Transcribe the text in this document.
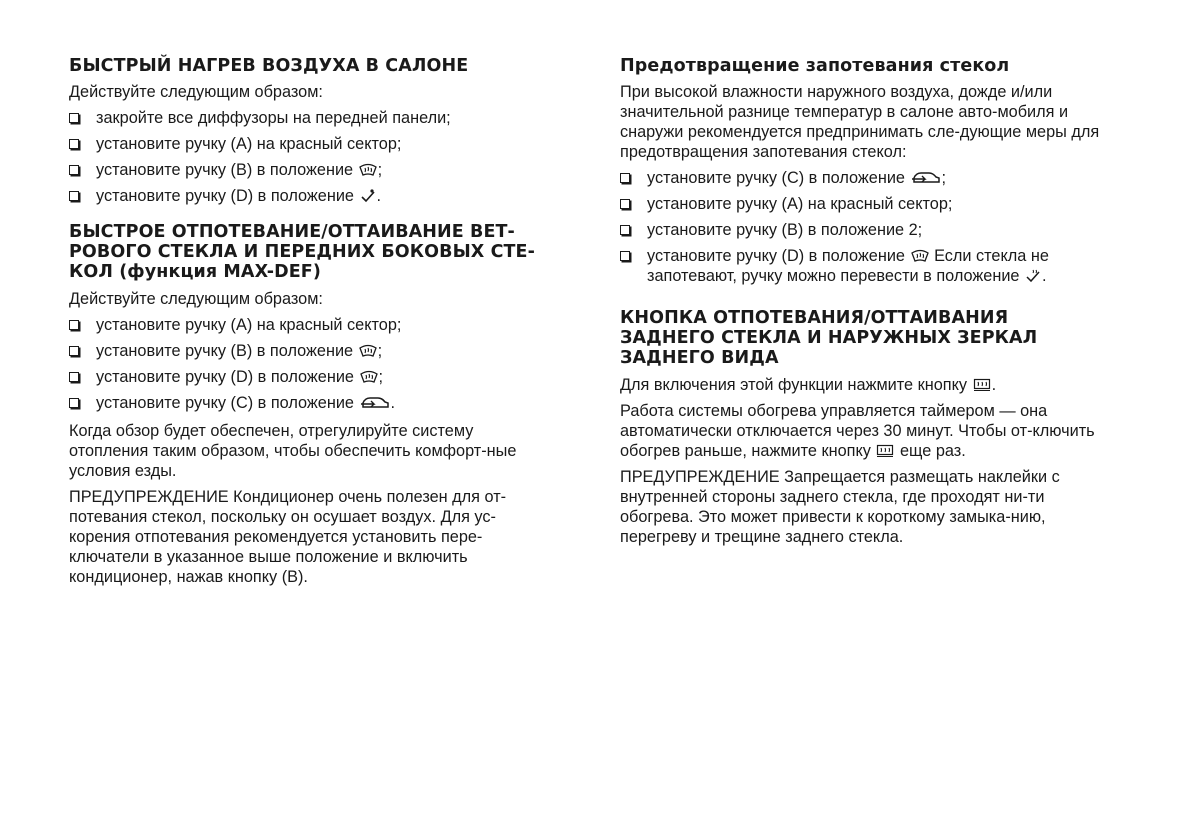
БЫСТРЫЙ НАГРЕВ ВОЗДУХА В САЛОНЕ

Действуйте следующим образом:

закройте все диффузоры на передней панели;
установите ручку (А) на красный сектор;
установите ручку (В) в положение ;
установите ручку (D) в положение .
БЫСТРОЕ ОТПОТЕВАНИЕ/ОТТАИВАНИЕ ВЕТ-
РОВОГО СТЕКЛА И ПЕРЕДНИХ БОКОВЫХ СТЕ-
КОЛ (функция MAX-DEF)

Действуйте следующим образом:

установите ручку (А) на красный сектор;
установите ручку (В) в положение ;
установите ручку (D) в положение ;
установите ручку (С) в положение .

Когда обзор будет обеспечен, отрегулируйте систему отопления таким образом, чтобы обеспечить комфорт-ные условия езды.

ПРЕДУПРЕЖДЕНИЕ Кондиционер очень полезен для от-потевания стекол, поскольку он осушает воздух. Для ус-корения отпотевания рекомендуется установить пере-ключатели в указанное выше положение и включить кондиционер, нажав кнопку (В).

Предотвращение запотевания стекол

При высокой влажности наружного воздуха, дожде и/или значительной разнице температур в салоне авто-мобиля и снаружи рекомендуется предпринимать сле-дующие меры для предотвращения запотевания стекол:

установите ручку (С) в положение ;
установите ручку (А) на красный сектор;
установите ручку (В) в положение 2;
установите ручку (D) в положение Если стекла не
запотевают, ручку можно перевести в положение .
КНОПКА ОТПОТЕВАНИЯ/ОТТАИВАНИЯ
ЗАДНЕГО СТЕКЛА И НАРУЖНЫХ ЗЕРКАЛ
ЗАДНЕГО ВИДА

Для включения этой функции нажмите кнопку .

Работа системы обогрева управляется таймером — она автоматически отключается через 30 минут. Чтобы от-ключить обогрев раньше, нажмите кнопку еще раз.

ПРЕДУПРЕЖДЕНИЕ Запрещается размещать наклейки с внутренней стороны заднего стекла, где проходят ни-ти обогрева. Это может привести к короткому замыка-нию, перегреву и трещине заднего стекла.
